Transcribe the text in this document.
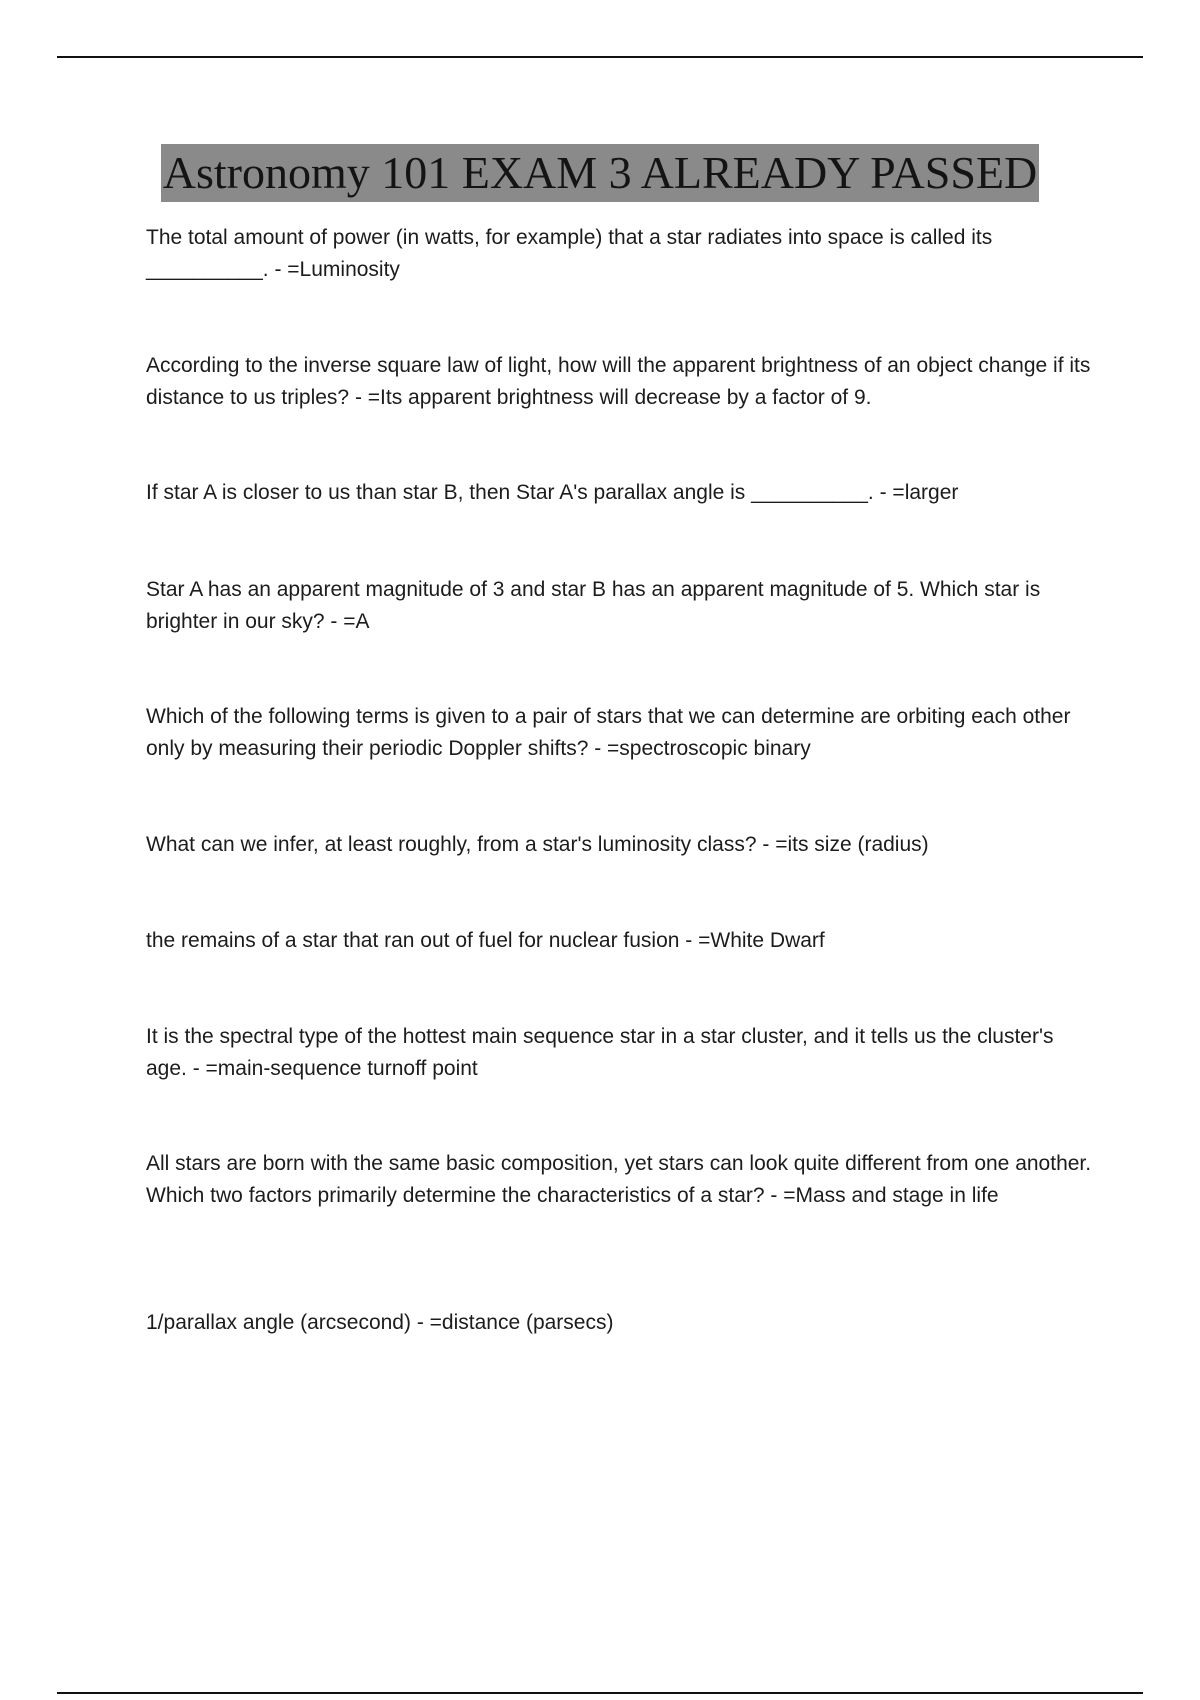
Astronomy 101 EXAM 3 ALREADY PASSED

The total amount of power (in watts, for example) that a star radiates into space is called its __________. - =Luminosity

According to the inverse square law of light, how will the apparent brightness of an object change if its distance to us triples? - =Its apparent brightness will decrease by a factor of 9.

If star A is closer to us than star B, then Star A's parallax angle is __________. - =larger

Star A has an apparent magnitude of 3 and star B has an apparent magnitude of 5. Which star is brighter in our sky? - =A

Which of the following terms is given to a pair of stars that we can determine are orbiting each other only by measuring their periodic Doppler shifts? - =spectroscopic binary

What can we infer, at least roughly, from a star's luminosity class? - =its size (radius)

the remains of a star that ran out of fuel for nuclear fusion - =White Dwarf

It is the spectral type of the hottest main sequence star in a star cluster, and it tells us the cluster's age. - =main-sequence turnoff point

All stars are born with the same basic composition, yet stars can look quite different from one another. Which two factors primarily determine the characteristics of a star? - =Mass and stage in life

1/parallax angle (arcsecond) - =distance (parsecs)
